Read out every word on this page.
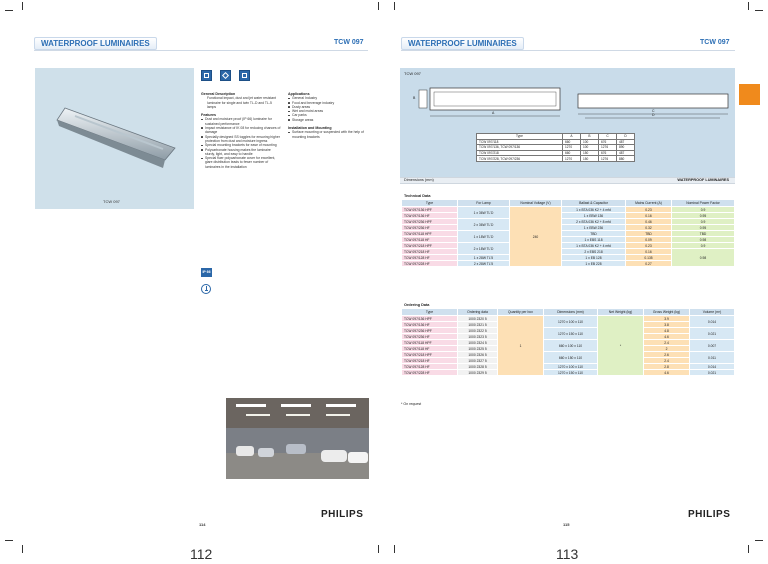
WATERPROOF LUMINAIRES	TCW 097
TCW 097
General Description
Functional impact, dust and jet water resistant luminaire for single and twin TL-D and TL-5 lamps
Features
Dust and moisture proof (IP 66) luminaire for sustained performance
Impact resistance of IK 08 for reducing chances of damage
Specially designed SS toggles for ensuring higher protection from dust and moisture ingress
Special mounting brackets for ease of mounting
Polycarbonate housing makes the luminaire sturdy, light, and easy to handle
Special fluer polycarbonate cover for excellent, glare distribution leads to fewer number of luminaires in the installation
Applications
General Industry
Food and beverage industry
Dusty areas
Wet and moist areas
Car parks
Storage areas
Installation and Mounting
Surface mounting or suspended with the help of mounting brackets
IP 66
114
PHILIPS
112
WATERPROOF LUMINAIRES	TCW 097
TCW 097
A
B
C
D
Type	A	B	C	D
TCW 097/118	660	100	676	487
TCW 097/136, TCW 097/136	1270	100	1276	890
TCW 097/218	660	150	676	487
TCW 097/228, TCW 097/236	1270	150	1276	880
Dimensions (mm)	WATERPROOF LUMINAIRES
Technical Data
Type	For Lamp	Nominal Voltage (V)	Ballast & Capacitor	Mains Current (A)	Nominal Power Factor
TCW 097/136 HPF	1 x 36W TL'D	240	1 x BTA 036 K2 + 4 mfd	0.23	0.9
TCW 097/136 HF			1 x EBW 136	0.16	0.95
TCW 097/236 HPF	2 x 36W TL'D		2 x BTA 036 K2 + 8 mfd	0.46	0.9
TCW 097/236 HF			1 x EBW 236	0.32	0.95
TCW 097/118 HPF	1 x 18W TL'D		TBD	TBD	TBD
TCW 097/118 HF			1 x EBS 118	0.09	0.98
TCW 097/218 HPF	2 x 18W TL'D		1 x BTA 036 K2 + 4 mfd	0.23	0.9
TCW 097/218 HF			2 x EBS 218	0.16	0.98
TCW 097/128 HF	1 x 28W TL'5		1 x EB 128	0.135	
TCW 097/228 HF	2 x 28W TL'5		1 x EB 228	0.27	
Ordering Data
Type	Ordering data	Quantity per box	Dimensions (mm)	Net Weight (kg)	Gross Weight (kg)	Volume (m³)
TCW 097/136 HPF	1000 2320 5	1	1270 x 100 x 110	*	3.9	0.014
TCW 097/136 HF	1000 2321 5				3.8	
TCW 097/236 HPF	1000 2322 5		1270 x 150 x 110		4.8	0.021
TCW 097/236 HF	1000 2323 5				4.6	
TCW 097/118 HPF	1000 2324 5		660 x 100 x 110		2.4	0.007
TCW 097/118 HF	1000 2325 5				2	
TCW 097/218 HPF	1000 2326 5		660 x 150 x 110		2.6	0.011
TCW 097/218 HF	1000 2327 5				2.4	
TCW 097/128 HF	1000 2328 5		1270 x 100 x 110		2.8	0.014
TCW 097/228 HF	1000 2329 5		1270 x 150 x 110		4.6	0.021
* On request
115
PHILIPS
113
